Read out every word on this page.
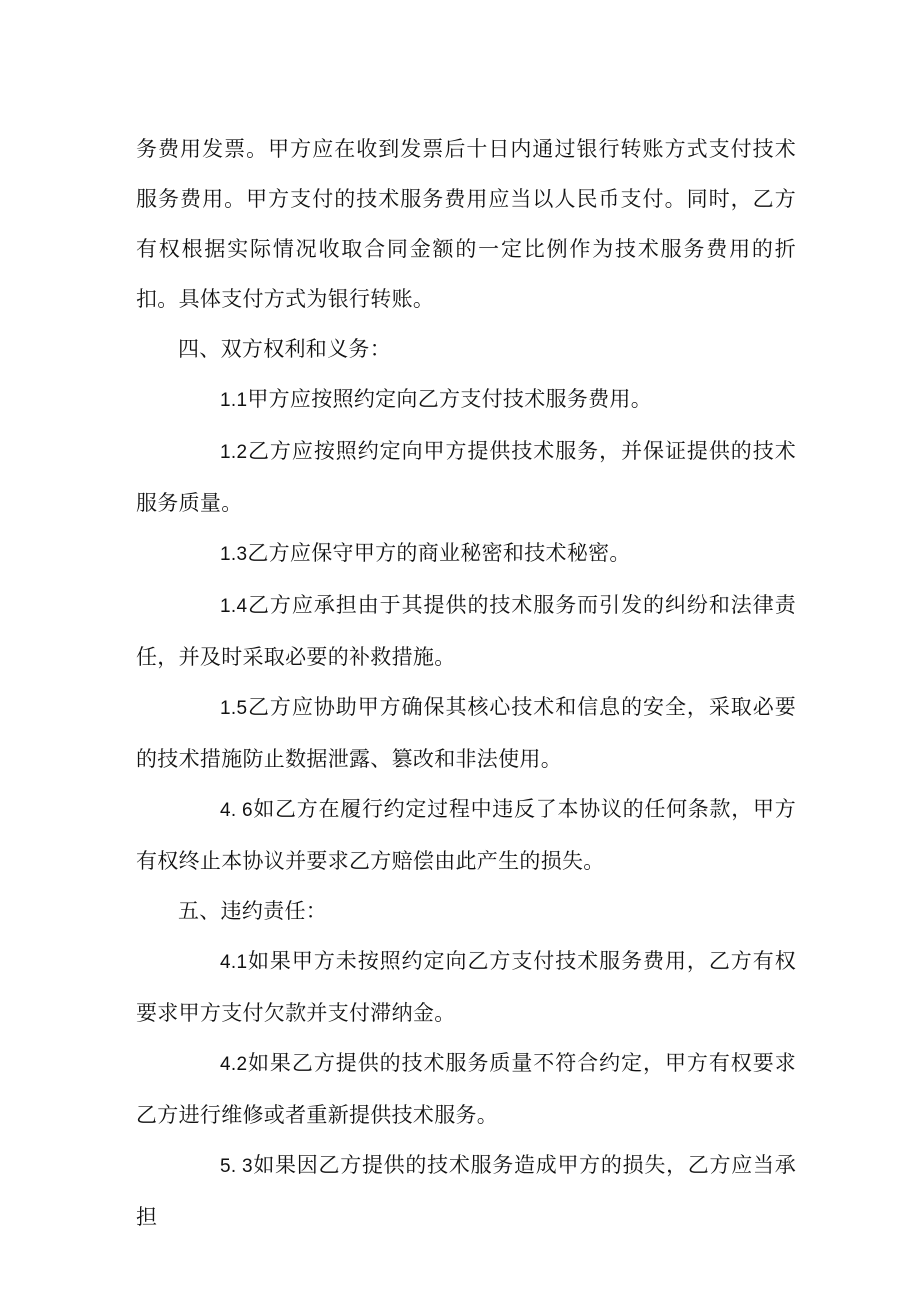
务费用发票。甲方应在收到发票后十日内通过银行转账方式支付技术服务费用。甲方支付的技术服务费用应当以人民币支付。同时，乙方有权根据实际情况收取合同金额的一定比例作为技术服务费用的折扣。具体支付方式为银行转账。

四、双方权利和义务：

1.1甲方应按照约定向乙方支付技术服务费用。

1.2乙方应按照约定向甲方提供技术服务，并保证提供的技术服务质量。

1.3乙方应保守甲方的商业秘密和技术秘密。

1.4乙方应承担由于其提供的技术服务而引发的纠纷和法律责任，并及时采取必要的补救措施。

1.5乙方应协助甲方确保其核心技术和信息的安全，采取必要的技术措施防止数据泄露、篡改和非法使用。

4. 6如乙方在履行约定过程中违反了本协议的任何条款，甲方有权终止本协议并要求乙方赔偿由此产生的损失。

五、违约责任：

4.1如果甲方未按照约定向乙方支付技术服务费用，乙方有权要求甲方支付欠款并支付滞纳金。

4.2如果乙方提供的技术服务质量不符合约定，甲方有权要求乙方进行维修或者重新提供技术服务。

5. 3如果因乙方提供的技术服务造成甲方的损失，乙方应当承担
